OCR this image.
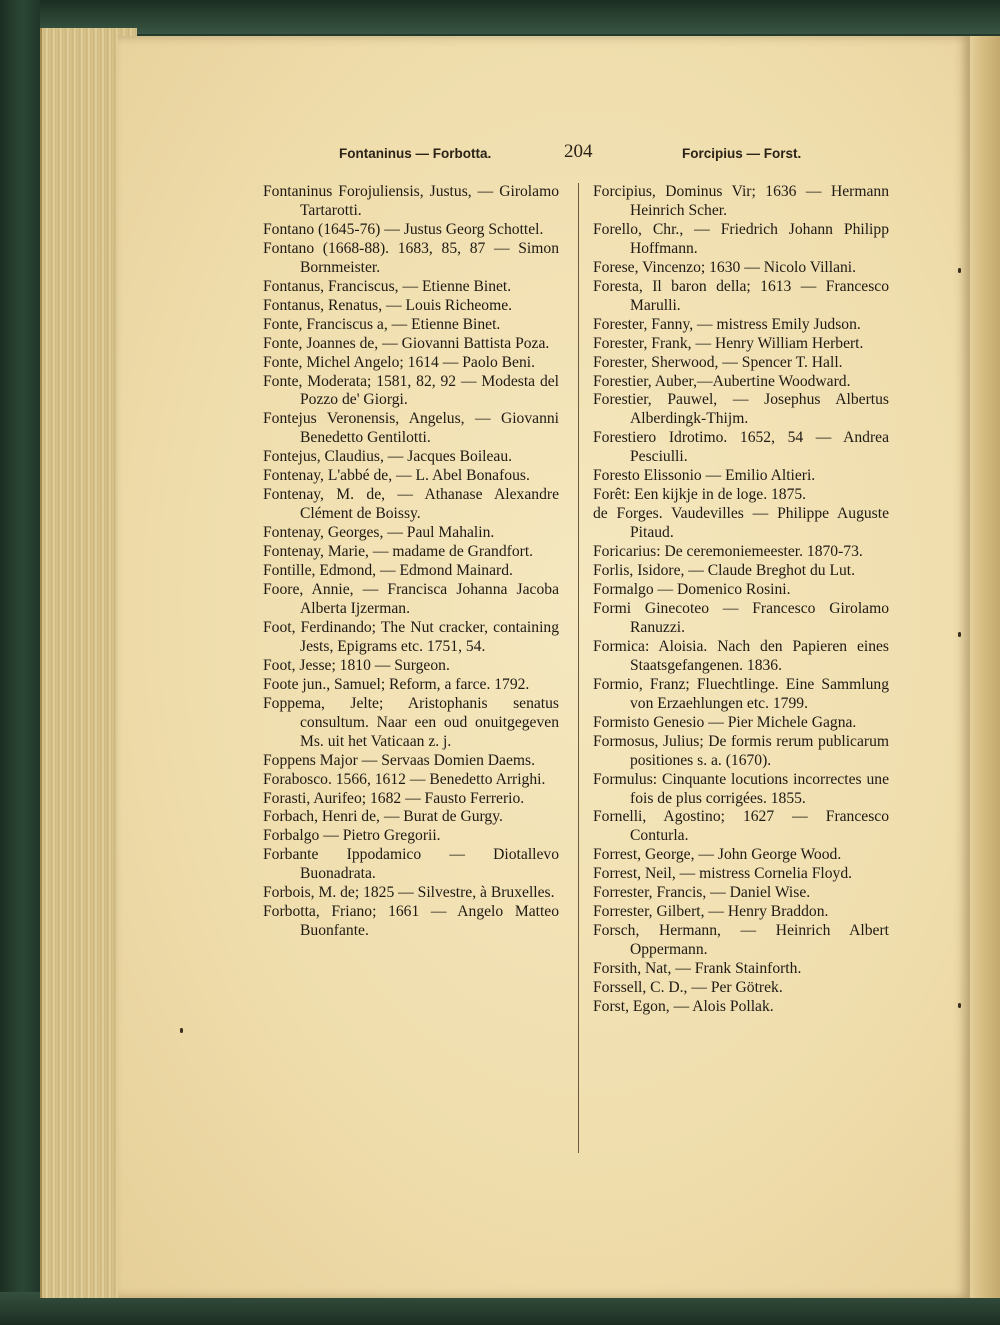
Fontaninus — Forbotta.	204	Forcipius — Forst.

Fontaninus Forojuliensis, Justus, — Girolamo Tartarotti.

Fontano (1645-76) — Justus Georg Schottel.

Fontano (1668-88). 1683, 85, 87 — Simon Bornmeister.

Fontanus, Franciscus, — Etienne Binet.

Fontanus, Renatus, — Louis Richeome.

Fonte, Franciscus a, — Etienne Binet.

Fonte, Joannes de, — Giovanni Battista Poza.

Fonte, Michel Angelo; 1614 — Paolo Beni.

Fonte, Moderata; 1581, 82, 92 — Modesta del Pozzo de' Giorgi.

Fontejus Veronensis, Angelus, — Giovanni Benedetto Gentilotti.

Fontejus, Claudius, — Jacques Boileau.

Fontenay, L'abbé de, — L. Abel Bonafous.

Fontenay, M. de, — Athanase Alexandre Clément de Boissy.

Fontenay, Georges, — Paul Mahalin.

Fontenay, Marie, — madame de Grandfort.

Fontille, Edmond, — Edmond Mainard.

Foore, Annie, — Francisca Johanna Jacoba Alberta Ijzerman.

Foot, Ferdinando; The Nut cracker, containing Jests, Epigrams etc. 1751, 54.

Foot, Jesse; 1810 — Surgeon.

Foote jun., Samuel; Reform, a farce. 1792.

Foppema, Jelte; Aristophanis senatus consultum. Naar een oud onuitgegeven Ms. uit het Vaticaan z. j.

Foppens Major — Servaas Domien Daems.

Forabosco. 1566, 1612 — Benedetto Arrighi.

Forasti, Aurifeo; 1682 — Fausto Ferrerio.

Forbach, Henri de, — Burat de Gurgy.

Forbalgo — Pietro Gregorii.

Forbante Ippodamico — Diotallevo Buonadrata.

Forbois, M. de; 1825 — Silvestre, à Bruxelles.

Forbotta, Friano; 1661 — Angelo Matteo Buonfante.

Forcipius, Dominus Vir; 1636 — Hermann Heinrich Scher.

Forello, Chr., — Friedrich Johann Philipp Hoffmann.

Forese, Vincenzo; 1630 — Nicolo Villani.

Foresta, Il baron della; 1613 — Francesco Marulli.

Forester, Fanny, — mistress Emily Judson.

Forester, Frank, — Henry William Herbert.

Forester, Sherwood, — Spencer T. Hall.

Forestier, Auber,—Aubertine Woodward.

Forestier, Pauwel, — Josephus Albertus Alberdingk-Thijm.

Forestiero Idrotimo. 1652, 54 — Andrea Pesciulli.

Foresto Elissonio — Emilio Altieri.

Forêt: Een kijkje in de loge. 1875.

de Forges. Vaudevilles — Philippe Auguste Pitaud.

Foricarius: De ceremoniemeester. 1870-73.

Forlis, Isidore, — Claude Breghot du Lut.

Formalgo — Domenico Rosini.

Formi Ginecoteo — Francesco Girolamo Ranuzzi.

Formica: Aloisia. Nach den Papieren eines Staatsgefangenen. 1836.

Formio, Franz; Fluechtlinge. Eine Sammlung von Erzaehlungen etc. 1799.

Formisto Genesio — Pier Michele Gagna.

Formosus, Julius; De formis rerum publicarum positiones s. a. (1670).

Formulus: Cinquante locutions incorrectes une fois de plus corrigées. 1855.

Fornelli, Agostino; 1627 — Francesco Conturla.

Forrest, George, — John George Wood.

Forrest, Neil, — mistress Cornelia Floyd.

Forrester, Francis, — Daniel Wise.

Forrester, Gilbert, — Henry Braddon.

Forsch, Hermann, — Heinrich Albert Oppermann.

Forsith, Nat, — Frank Stainforth.

Forssell, C. D., — Per Götrek.

Forst, Egon, — Alois Pollak.
